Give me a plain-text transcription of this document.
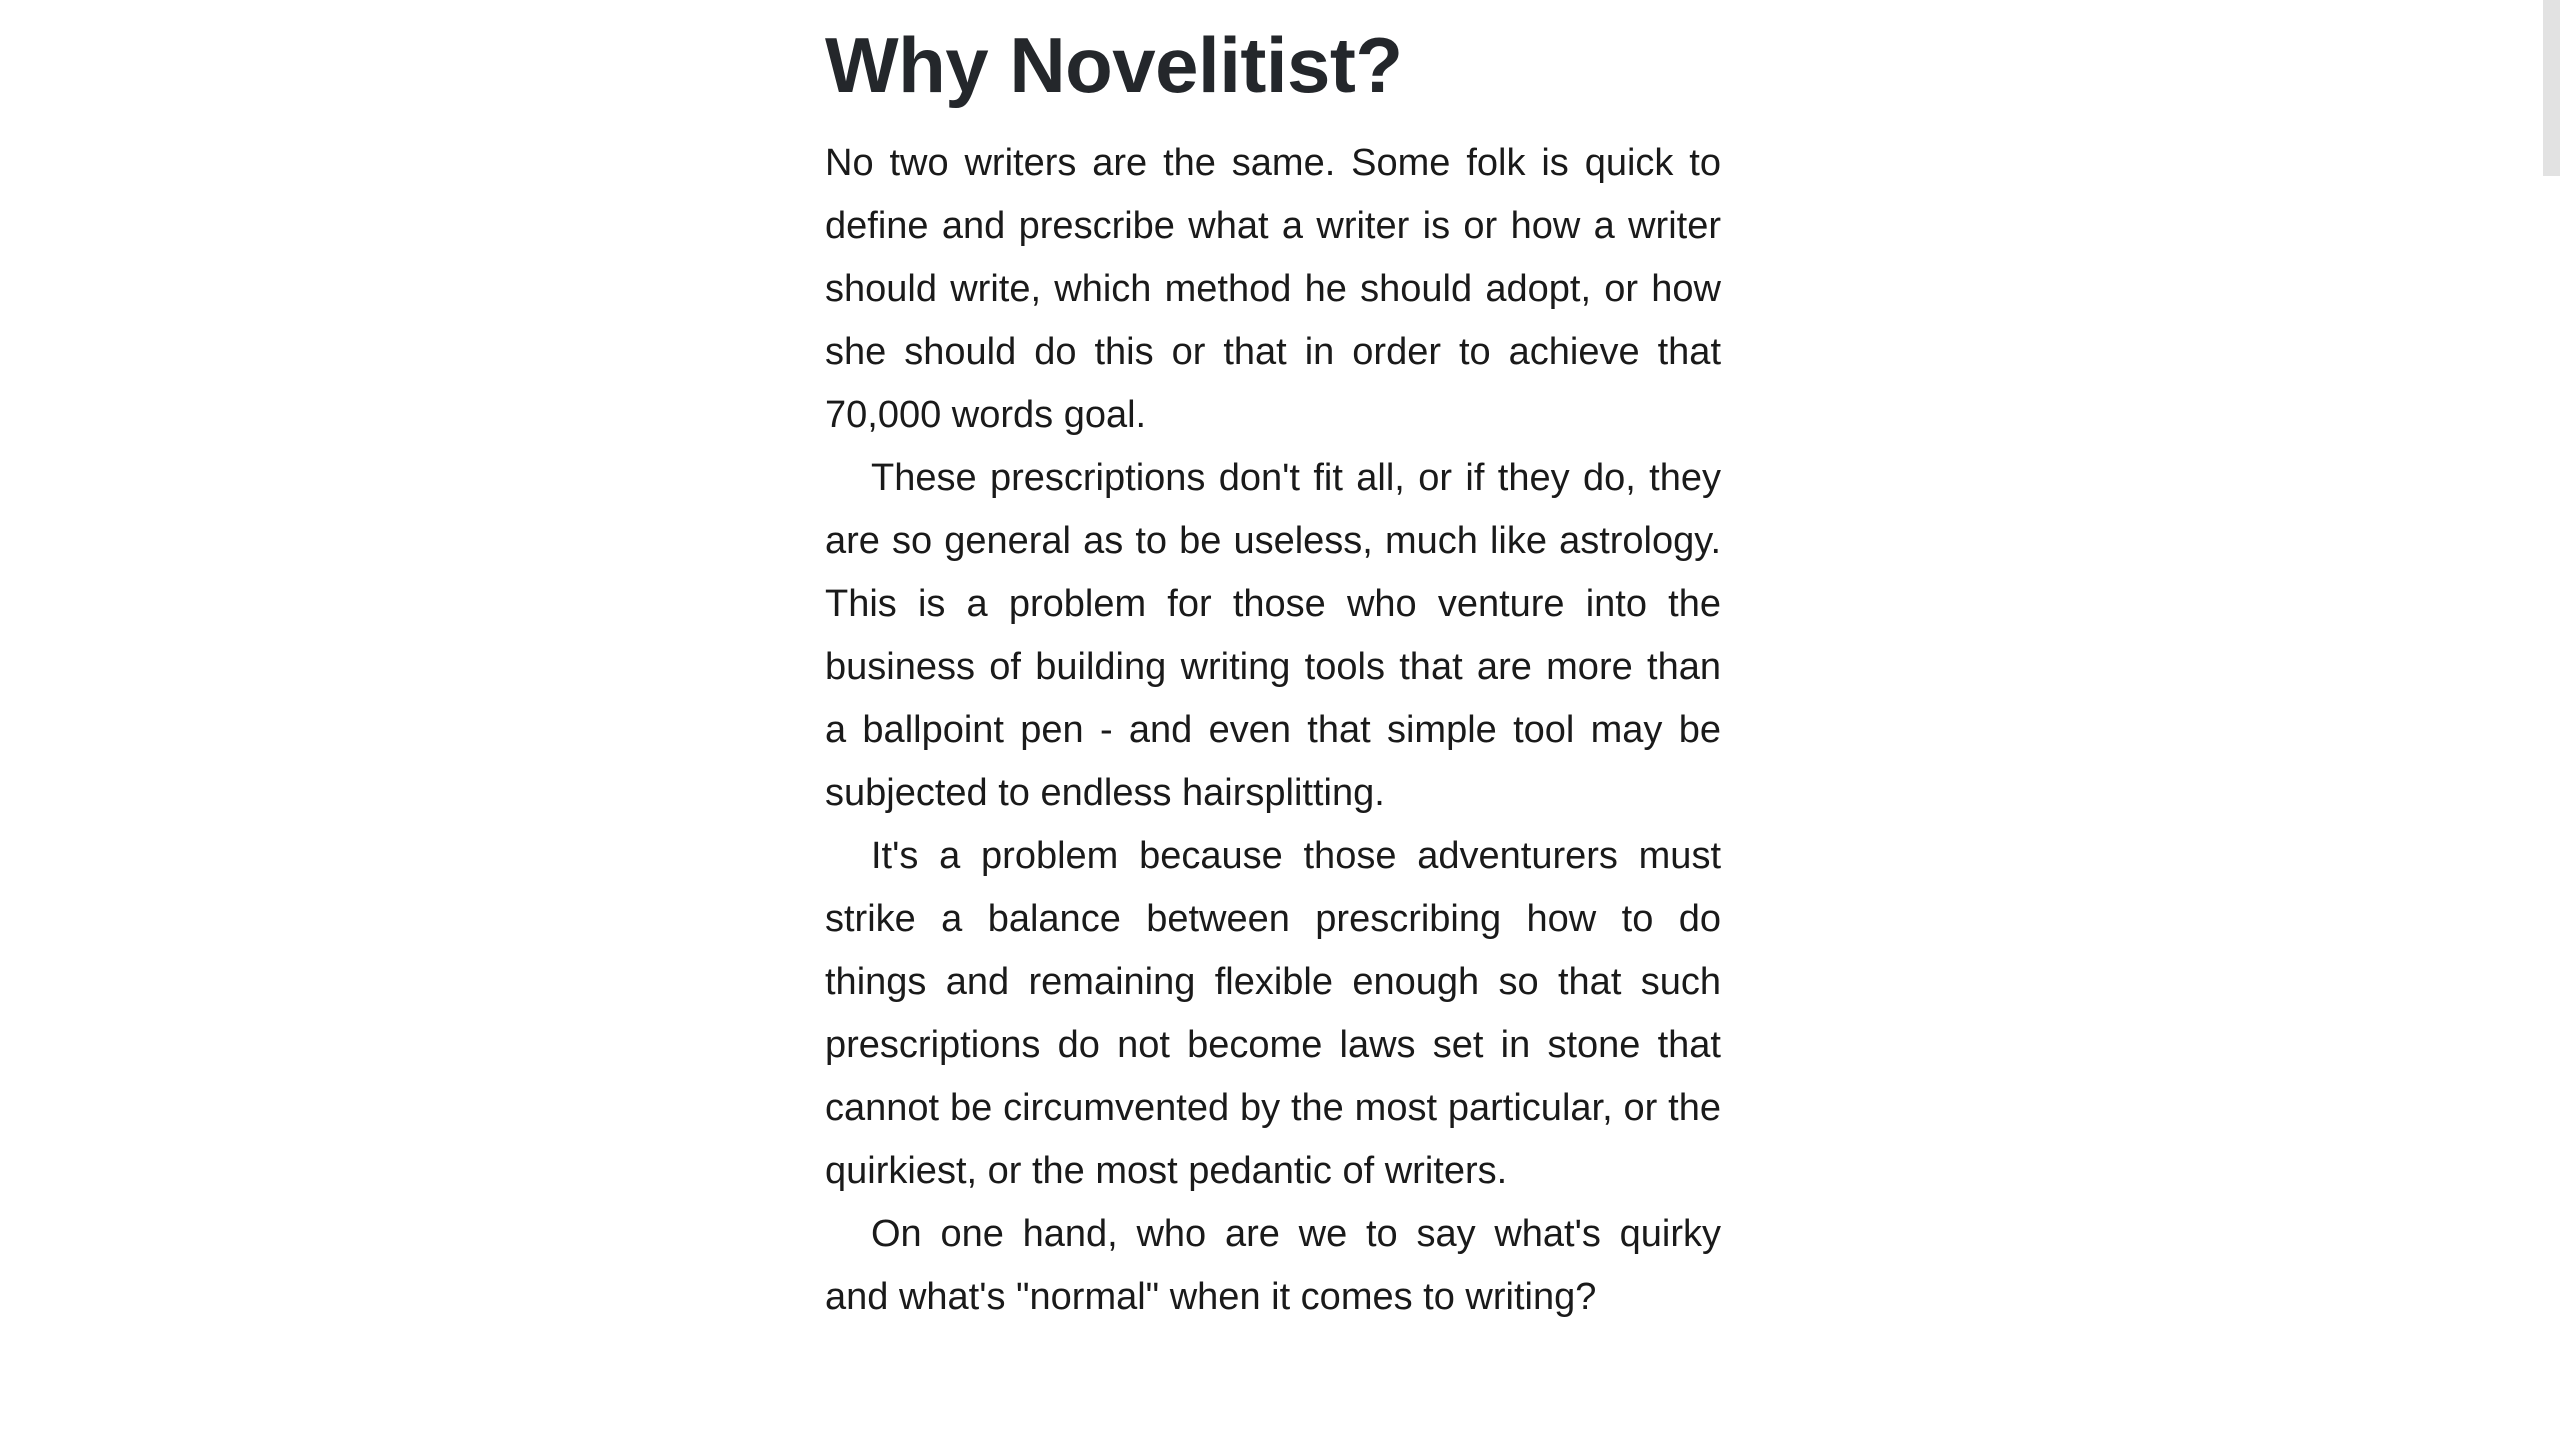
Why Novelitist?

No two writers are the same. Some folk is quick to define and prescribe what a writer is or how a writer should write, which method he should adopt, or how she should do this or that in order to achieve that 70,000 words goal.

These prescriptions don't fit all, or if they do, they are so general as to be useless, much like astrology. This is a problem for those who venture into the business of building writing tools that are more than a ballpoint pen - and even that simple tool may be subjected to endless hairsplitting.

It's a problem because those adventurers must strike a balance between prescribing how to do things and remaining flexible enough so that such prescriptions do not become laws set in stone that cannot be circumvented by the most particular, or the quirkiest, or the most pedantic of writers.

On one hand, who are we to say what's quirky and what's "normal" when it comes to writing?
